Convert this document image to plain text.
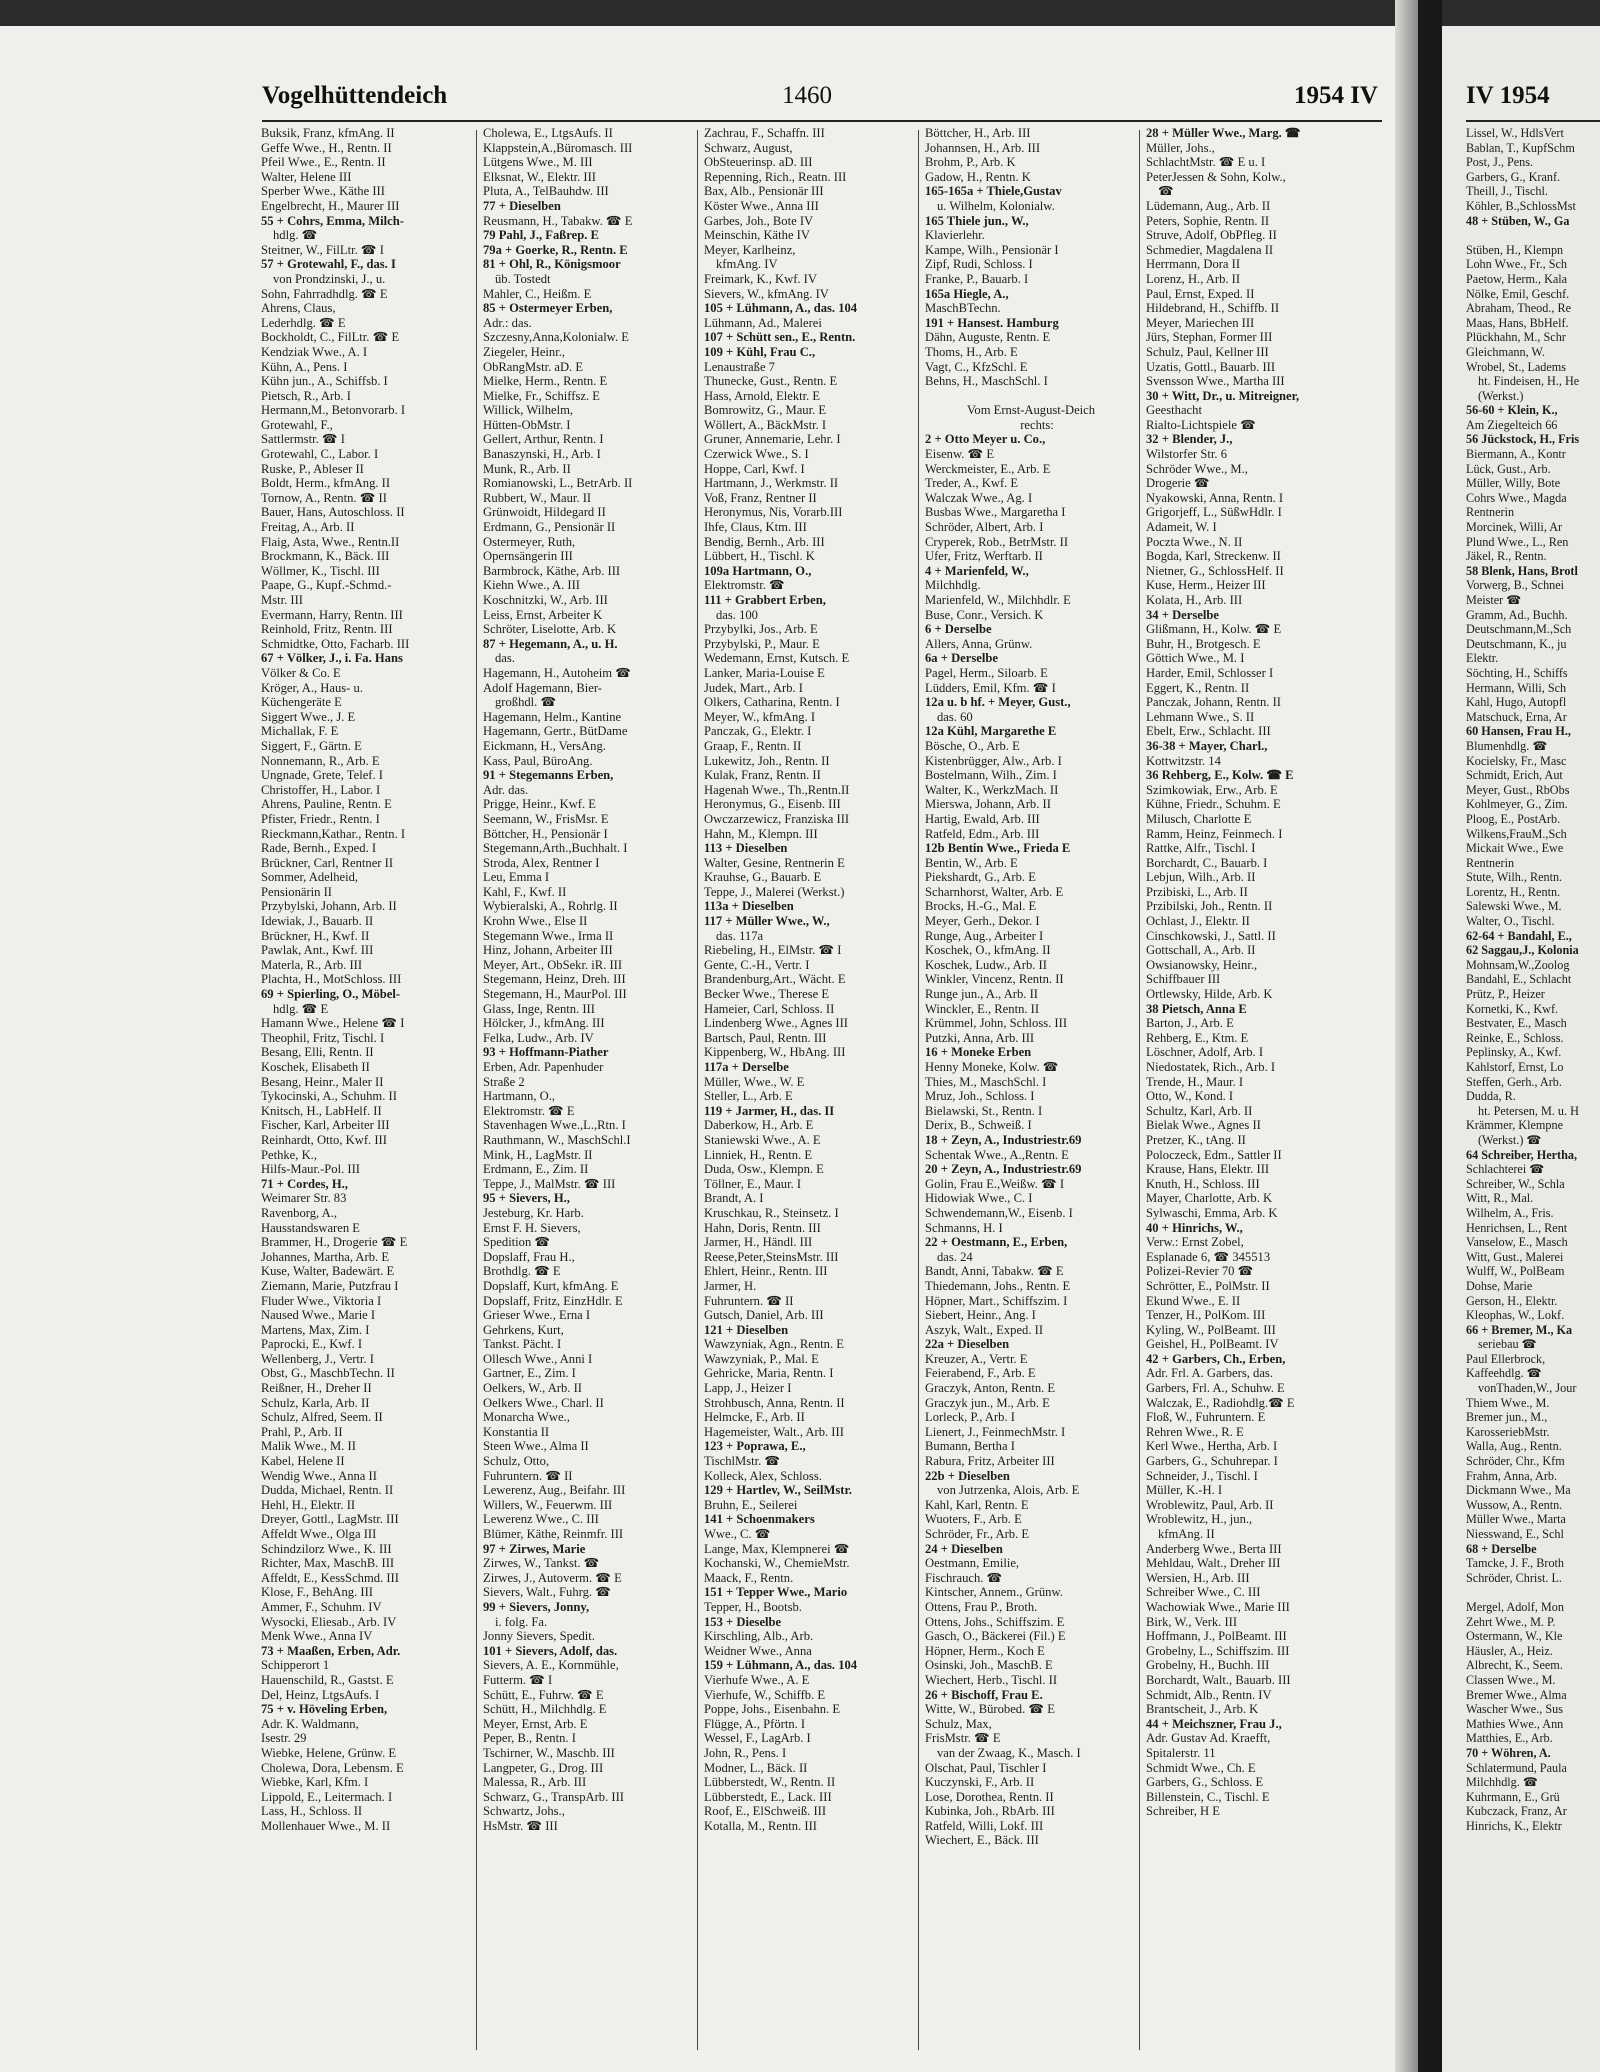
Vogelhüttendeich	1460	1954 IV
Buksik, Franz, kfmAng. II
Geffe Wwe., H., Rentn. II
Pfeil Wwe., E., Rentn. II
Walter, Helene III
Sperber Wwe., Käthe III
Engelbrecht, H., Maurer III
55 + Cohrs, Emma, Milch-
hdlg. ☎
Steitner, W., FilLtr. ☎ I
57 + Grotewahl, F., das. I
von Prondzinski, J., u.
Sohn, Fahrradhdlg. ☎ E
Ahrens, Claus,
Lederhdlg. ☎ E
Bockholdt, C., FilLtr. ☎ E
Kendziak Wwe., A. I
Kühn, A., Pens. I
Kühn jun., A., Schiffsb. I
Pietsch, R., Arb. I
Hermann,M., Betonvorarb. I
Grotewahl, F.,
Sattlermstr. ☎ I
Grotewahl, C., Labor. I
Ruske, P., Ableser II
Boldt, Herm., kfmAng. II
Tornow, A., Rentn. ☎ II
Bauer, Hans, Autoschloss. II
Freitag, A., Arb. II
Flaig, Asta, Wwe., Rentn.II
Brockmann, K., Bäck. III
Wöllmer, K., Tischl. III
Paape, G., Kupf.-Schmd.-
Mstr. III
Evermann, Harry, Rentn. III
Reinhold, Fritz, Rentn. III
Schmidtke, Otto, Facharb. III
67 + Völker, J., i. Fa. Hans
Völker & Co. E
Kröger, A., Haus- u.
Küchengeräte E
Siggert Wwe., J. E
Michallak, F. E
Siggert, F., Gärtn. E
Nonnemann, R., Arb. E
Ungnade, Grete, Telef. I
Christoffer, H., Labor. I
Ahrens, Pauline, Rentn. E
Pfister, Friedr., Rentn. I
Rieckmann,Kathar., Rentn. I
Rade, Bernh., Exped. I
Brückner, Carl, Rentner II
Sommer, Adelheid,
Pensionärin II
Przybylski, Johann, Arb. II
Idewiak, J., Bauarb. II
Brückner, H., Kwf. II
Pawlak, Ant., Kwf. III
Materla, R., Arb. III
Plachta, H., MotSchloss. III
69 + Spierling, O., Möbel-
hdlg. ☎ E
Hamann Wwe., Helene ☎ I
Theophil, Fritz, Tischl. I
Besang, Elli, Rentn. II
Koschek, Elisabeth II
Besang, Heinr., Maler II
Tykocinski, A., Schuhm. II
Knitsch, H., LabHelf. II
Fischer, Karl, Arbeiter III
Reinhardt, Otto, Kwf. III
Pethke, K.,
Hilfs-Maur.-Pol. III
71 + Cordes, H.,
Weimarer Str. 83
Ravenborg, A.,
Hausstandswaren E
Brammer, H., Drogerie ☎ E
Johannes, Martha, Arb. E
Kuse, Walter, Badewärt. E
Ziemann, Marie, Putzfrau I
Fluder Wwe., Viktoria I
Naused Wwe., Marie I
Martens, Max, Zim. I
Paprocki, E., Kwf. I
Wellenberg, J., Vertr. I
Obst, G., MaschbTechn. II
Reißner, H., Dreher II
Schulz, Karla, Arb. II
Schulz, Alfred, Seem. II
Prahl, P., Arb. II
Malik Wwe., M. II
Kabel, Helene II
Wendig Wwe., Anna II
Dudda, Michael, Rentn. II
Hehl, H., Elektr. II
Dreyer, Gottl., LagMstr. III
Affeldt Wwe., Olga III
Schindzilorz Wwe., K. III
Richter, Max, MaschB. III
Affeldt, E., KessSchmd. III
Klose, F., BehAng. III
Ammer, F., Schuhm. IV
Wysocki, Eliesab., Arb. IV
Menk Wwe., Anna IV
73 + Maaßen, Erben, Adr.
Schipperort 1
Hauenschild, R., Gastst. E
Del, Heinz, LtgsAufs. I
75 + v. Höveling Erben,
Adr. K. Waldmann,
Isestr. 29
Wiebke, Helene, Grünw. E
Cholewa, Dora, Lebensm. E
Wiebke, Karl, Kfm. I
Lippold, E., Leitermach. I
Lass, H., Schloss. II
Mollenhauer Wwe., M. II
Cholewa, E., LtgsAufs. II
Klappstein,A.,Büromasch. III
Lütgens Wwe., M. III
Elksnat, W., Elektr. III
Pluta, A., TelBauhdw. III
77 + Dieselben
Reusmann, H., Tabakw. ☎ E
79 Pahl, J., Faßrep. E
79a + Goerke, R., Rentn. E
81 + Ohl, R., Königsmoor
üb. Tostedt
Mahler, C., Heißm. E
85 + Ostermeyer Erben,
Adr.: das.
Szczesny,Anna,Kolonialw. E
Ziegeler, Heinr.,
ObRangMstr. aD. E
Mielke, Herm., Rentn. E
Mielke, Fr., Schiffsz. E
Willick, Wilhelm,
Hütten-ObMstr. I
Gellert, Arthur, Rentn. I
Banaszynski, H., Arb. I
Munk, R., Arb. II
Romianowski, L., BetrArb. II
Rubbert, W., Maur. II
Grünwoidt, Hildegard II
Erdmann, G., Pensionär II
Ostermeyer, Ruth,
Opernsängerin III
Barmbrock, Käthe, Arb. III
Kiehn Wwe., A. III
Koschnitzki, W., Arb. III
Leiss, Ernst, Arbeiter K
Schröter, Liselotte, Arb. K
87 + Hegemann, A., u. H.
das.
Hagemann, H., Autoheim ☎
Adolf Hagemann, Bier-
großhdl. ☎
Hagemann, Helm., Kantine
Hagemann, Gertr., BütDame
Eickmann, H., VersAng.
Kass, Paul, BüroAng.
91 + Stegemanns Erben,
Adr. das.
Prigge, Heinr., Kwf. E
Seemann, W., FrisMsr. E
Böttcher, H., Pensionär I
Stegemann,Arth.,Buchhalt. I
Stroda, Alex, Rentner I
Leu, Emma I
Kahl, F., Kwf. II
Wybieralski, A., Rohrlg. II
Krohn Wwe., Else II
Stegemann Wwe., Irma II
Hinz, Johann, Arbeiter III
Meyer, Art., ObSekr. iR. III
Stegemann, Heinz, Dreh. III
Stegemann, H., MaurPol. III
Glass, Inge, Rentn. III
Hölcker, J., kfmAng. III
Felka, Ludw., Arb. IV
93 + Hoffmann-Piather
Erben, Adr. Papenhuder
Straße 2
Hartmann, O.,
Elektromstr. ☎ E
Stavenhagen Wwe.,L.,Rtn. I
Rauthmann, W., MaschSchl.I
Mink, H., LagMstr. II
Erdmann, E., Zim. II
Teppe, J., MalMstr. ☎ III
95 + Sievers, H.,
Jesteburg, Kr. Harb.
Ernst F. H. Sievers,
Spedition ☎
Dopslaff, Frau H.,
Brothdlg. ☎ E
Dopslaff, Kurt, kfmAng. E
Dopslaff, Fritz, EinzHdlr. E
Grieser Wwe., Erna I
Gehrkens, Kurt,
Tankst. Pächt. I
Ollesch Wwe., Anni I
Gartner, E., Zim. I
Oelkers, W., Arb. II
Oelkers Wwe., Charl. II
Monarcha Wwe.,
Konstantia II
Steen Wwe., Alma II
Schulz, Otto,
Fuhruntern. ☎ II
Lewerenz, Aug., Beifahr. III
Willers, W., Feuerwm. III
Lewerenz Wwe., C. III
Blümer, Käthe, Reinmfr. III
97 + Zirwes, Marie
Zirwes, W., Tankst. ☎
Zirwes, J., Autoverm. ☎ E
Sievers, Walt., Fuhrg. ☎
99 + Sievers, Jonny,
i. folg. Fa.
Jonny Sievers, Spedit.
101 + Sievers, Adolf, das.
Sievers, A. E., Kornmühle,
Futterm. ☎ I
Schütt, E., Fuhrw. ☎ E
Schütt, H., Milchhdlg. E
Meyer, Ernst, Arb. E
Peper, B., Rentn. I
Tschirner, W., Maschb. III
Langpeter, G., Drog. III
Malessa, R., Arb. III
Schwarz, G., TranspArb. III
Schwartz, Johs.,
HsMstr. ☎ III
Zachrau, F., Schaffn. III
Schwarz, August,
ObSteuerinsp. aD. III
Repenning, Rich., Reatn. III
Bax, Alb., Pensionär III
Köster Wwe., Anna III
Garbes, Joh., Bote IV
Meinschin, Käthe IV
Meyer, Karlheinz,
kfmAng. IV
Freimark, K., Kwf. IV
Sievers, W., kfmAng. IV
105 + Lühmann, A., das. 104
Lühmann, Ad., Malerei
107 + Schütt sen., E., Rentn.
109 + Kühl, Frau C.,
Lenaustraße 7
Thunecke, Gust., Rentn. E
Hass, Arnold, Elektr. E
Bomrowitz, G., Maur. E
Wöllert, A., BäckMstr. I
Gruner, Annemarie, Lehr. I
Czerwick Wwe., S. I
Hoppe, Carl, Kwf. I
Hartmann, J., Werkmstr. II
Voß, Franz, Rentner II
Heronymus, Nis, Vorarb.III
Ihfe, Claus, Ktm. III
Bendig, Bernh., Arb. III
Lübbert, H., Tischl. K
109a Hartmann, O.,
Elektromstr. ☎
111 + Grabbert Erben,
das. 100
Przybylki, Jos., Arb. E
Przybylski, P., Maur. E
Wedemann, Ernst, Kutsch. E
Lanker, Maria-Louise E
Judek, Mart., Arb. I
Olkers, Catharina, Rentn. I
Meyer, W., kfmAng. I
Panczak, G., Elektr. I
Graap, F., Rentn. II
Lukewitz, Joh., Rentn. II
Kulak, Franz, Rentn. II
Hagenah Wwe., Th.,Rentn.II
Heronymus, G., Eisenb. III
Owczarzewicz, Franziska III
Hahn, M., Klempn. III
113 + Dieselben
Walter, Gesine, Rentnerin E
Krauhse, G., Bauarb. E
Teppe, J., Malerei (Werkst.)
113a + Dieselben
117 + Müller Wwe., W.,
das. 117a
Riebeling, H., ElMstr. ☎ I
Gente, C.-H., Vertr. I
Brandenburg,Art., Wächt. E
Becker Wwe., Therese E
Hameier, Carl, Schloss. II
Lindenberg Wwe., Agnes III
Bartsch, Paul, Rentn. III
Kippenberg, W., HbAng. III
117a + Derselbe
Müller, Wwe., W. E
Steller, L., Arb. E
119 + Jarmer, H., das. II
Daberkow, H., Arb. E
Staniewski Wwe., A. E
Linniek, H., Rentn. E
Duda, Osw., Klempn. E
Töllner, E., Maur. I
Brandt, A. I
Kruschkau, R., Steinsetz. I
Hahn, Doris, Rentn. III
Jarmer, H., Händl. III
Reese,Peter,SteinsMstr. III
Ehlert, Heinr., Rentn. III
Jarmer, H.
Fuhruntern. ☎ II
Gutsch, Daniel, Arb. III
121 + Dieselben
Wawzyniak, Agn., Rentn. E
Wawzyniak, P., Mal. E
Gehricke, Maria, Rentn. I
Lapp, J., Heizer I
Strohbusch, Anna, Rentn. II
Helmcke, F., Arb. II
Hagemeister, Walt., Arb. III
123 + Poprawa, E.,
TischlMstr. ☎
Kolleck, Alex, Schloss.
129 + Hartlev, W., SeilMstr.
Bruhn, E., Seilerei
141 + Schoenmakers
Wwe., C. ☎
Lange, Max, Klempnerei ☎
Kochanski, W., ChemieMstr.
Maack, F., Rentn.
151 + Tepper Wwe., Mario
Tepper, H., Bootsb.
153 + Dieselbe
Kirschling, Alb., Arb.
Weidner Wwe., Anna
159 + Lühmann, A., das. 104
Vierhufe Wwe., A. E
Vierhufe, W., Schiffb. E
Poppe, Johs., Eisenbahn. E
Flügge, A., Pförtn. I
Wessel, F., LagArb. I
John, R., Pens. I
Modner, L., Bäck. II
Lübberstedt, W., Rentn. II
Lübberstedt, E., Lack. III
Roof, E., ElSchweiß. III
Kotalla, M., Rentn. III
Böttcher, H., Arb. III
Johannsen, H., Arb. III
Brohm, P., Arb. K
Gadow, H., Rentn. K
165-165a + Thiele,Gustav
u. Wilhelm, Kolonialw.
165 Thiele jun., W.,
Klavierlehr.
Kampe, Wilh., Pensionär I
Zipf, Rudi, Schloss. I
Franke, P., Bauarb. I
165a Hiegle, A.,
MaschBTechn.
191 + Hansest. Hamburg
Dähn, Auguste, Rentn. E
Thoms, H., Arb. E
Vagt, C., KfzSchl. E
Behns, H., MaschSchl. I
Vom Ernst-August-Deich
rechts:
2 + Otto Meyer u. Co.,
Eisenw. ☎ E
Werckmeister, E., Arb. E
Treder, A., Kwf. E
Walczak Wwe., Ag. I
Busbas Wwe., Margaretha I
Schröder, Albert, Arb. I
Cryperek, Rob., BetrMstr. II
Ufer, Fritz, Werftarb. II
4 + Marienfeld, W.,
Milchhdlg.
Marienfeld, W., Milchhdlr. E
Buse, Conr., Versich. K
6 + Derselbe
Allers, Anna, Grünw.
6a + Derselbe
Pagel, Herm., Siloarb. E
Lüdders, Emil, Kfm. ☎ I
12a u. b hf. + Meyer, Gust.,
das. 60
12a Kühl, Margarethe E
Bösche, O., Arb. E
Kistenbrügger, Alw., Arb. I
Bostelmann, Wilh., Zim. I
Walter, K., WerkzMach. II
Mierswa, Johann, Arb. II
Hartig, Ewald, Arb. III
Ratfeld, Edm., Arb. III
12b Bentin Wwe., Frieda E
Bentin, W., Arb. E
Piekshardt, G., Arb. E
Scharnhorst, Walter, Arb. E
Brocks, H.-G., Mal. E
Meyer, Gerh., Dekor. I
Runge, Aug., Arbeiter I
Koschek, O., kfmAng. II
Koschek, Ludw., Arb. II
Winkler, Vincenz, Rentn. II
Runge jun., A., Arb. II
Winckler, E., Rentn. II
Krümmel, John, Schloss. III
Putzki, Anna, Arb. III
16 + Moneke Erben
Henny Moneke, Kolw. ☎
Thies, M., MaschSchl. I
Mruz, Joh., Schloss. I
Bielawski, St., Rentn. I
Derix, B., Schweiß. I
18 + Zeyn, A., Industriestr.69
Schentak Wwe., A.,Rentn. E
20 + Zeyn, A., Industriestr.69
Golin, Frau E.,Weißw. ☎ I
Hidowiak Wwe., C. I
Schwendemann,W., Eisenb. I
Schmanns, H. I
22 + Oestmann, E., Erben,
das. 24
Bandt, Anni, Tabakw. ☎ E
Thiedemann, Johs., Rentn. E
Höpner, Mart., Schiffszim. I
Siebert, Heinr., Ang. I
Aszyk, Walt., Exped. II
22a + Dieselben
Kreuzer, A., Vertr. E
Feierabend, F., Arb. E
Graczyk, Anton, Rentn. E
Graczyk jun., M., Arb. E
Lorleck, P., Arb. I
Lienert, J., FeinmechMstr. I
Bumann, Bertha I
Rabura, Fritz, Arbeiter III
22b + Dieselben
von Jutrzenka, Alois, Arb. E
Kahl, Karl, Rentn. E
Wuoters, F., Arb. E
Schröder, Fr., Arb. E
24 + Dieselben
Oestmann, Emilie,
Fischrauch. ☎
Kintscher, Annem., Grünw.
Ottens, Frau P., Broth.
Ottens, Johs., Schiffszim. E
Gasch, O., Bäckerei (Fil.) E
Höpner, Herm., Koch E
Osinski, Joh., MaschB. E
Wiechert, Herb., Tischl. II
26 + Bischoff, Frau E.
Witte, W., Bürobed. ☎ E
Schulz, Max,
FrisMstr. ☎ E
van der Zwaag, K., Masch. I
Olschat, Paul, Tischler I
Kuczynski, F., Arb. II
Lose, Dorothea, Rentn. II
Kubinka, Joh., RbArb. III
Ratfeld, Willi, Lokf. III
Wiechert, E., Bäck. III
28 + Müller Wwe., Marg. ☎
Müller, Johs.,
SchlachtMstr. ☎ E u. I
PeterJessen & Sohn, Kolw.,
☎
Lüdemann, Aug., Arb. II
Peters, Sophie, Rentn. II
Struve, Adolf, ObPfleg. II
Schmedier, Magdalena II
Herrmann, Dora II
Lorenz, H., Arb. II
Paul, Ernst, Exped. II
Hildebrand, H., Schiffb. II
Meyer, Mariechen III
Jürs, Stephan, Former III
Schulz, Paul, Kellner III
Uzatis, Gottl., Bauarb. III
Svensson Wwe., Martha III
30 + Witt, Dr., u. Mitreigner,
Geesthacht
Rialto-Lichtspiele ☎
32 + Blender, J.,
Wilstorfer Str. 6
Schröder Wwe., M.,
Drogerie ☎
Nyakowski, Anna, Rentn. I
Grigorjeff, L., SüßwHdlr. I
Adameit, W. I
Poczta Wwe., N. II
Bogda, Karl, Streckenw. II
Nietner, G., SchlossHelf. II
Kuse, Herm., Heizer III
Kolata, H., Arb. III
34 + Derselbe
Glißmann, H., Kolw. ☎ E
Buhr, H., Brotgesch. E
Göttich Wwe., M. I
Harder, Emil, Schlosser I
Eggert, K., Rentn. II
Panczak, Johann, Rentn. II
Lehmann Wwe., S. II
Ebelt, Erw., Schlacht. III
36-38 + Mayer, Charl.,
Kottwitzstr. 14
36 Rehberg, E., Kolw. ☎ E
Szimkowiak, Erw., Arb. E
Kühne, Friedr., Schuhm. E
Milusch, Charlotte E
Ramm, Heinz, Feinmech. I
Rattke, Alfr., Tischl. I
Borchardt, C., Bauarb. I
Lebjun, Wilh., Arb. II
Przibiski, L., Arb. II
Przibilski, Joh., Rentn. II
Ochlast, J., Elektr. II
Cinschkowski, J., Sattl. II
Gottschall, A., Arb. II
Owsianowsky, Heinr.,
Schiffbauer III
Ortlewsky, Hilde, Arb. K
38 Pietsch, Anna E
Barton, J., Arb. E
Rehberg, E., Ktm. E
Löschner, Adolf, Arb. I
Niedostatek, Rich., Arb. I
Trende, H., Maur. I
Otto, W., Kond. I
Schultz, Karl, Arb. II
Bielak Wwe., Agnes II
Pretzer, K., tAng. II
Poloczeck, Edm., Sattler II
Krause, Hans, Elektr. III
Knuth, H., Schloss. III
Mayer, Charlotte, Arb. K
Sylwaschi, Emma, Arb. K
40 + Hinrichs, W.,
Verw.: Ernst Zobel,
Esplanade 6, ☎ 345513
Polizei-Revier 70 ☎
Schrötter, E., PolMstr. II
Ekund Wwe., E. II
Tenzer, H., PolKom. III
Kyling, W., PolBeamt. III
Geishel, H., PolBeamt. IV
42 + Garbers, Ch., Erben,
Adr. Frl. A. Garbers, das.
Garbers, Frl. A., Schuhw. E
Walczak, E., Radiohdlg.☎ E
Floß, W., Fuhruntern. E
Rehren Wwe., R. E
Kerl Wwe., Hertha, Arb. I
Garbers, G., Schuhrepar. I
Schneider, J., Tischl. I
Müller, K.-H. I
Wroblewitz, Paul, Arb. II
Wroblewitz, H., jun.,
kfmAng. II
Anderberg Wwe., Berta III
Mehldau, Walt., Dreher III
Wersien, H., Arb. III
Schreiber Wwe., C. III
Wachowiak Wwe., Marie III
Birk, W., Verk. III
Hoffmann, J., PolBeamt. III
Grobelny, L., Schiffszim. III
Grobelny, H., Buchh. III
Borchardt, Walt., Bauarb. III
Schmidt, Alb., Rentn. IV
Brantscheit, J., Arb. K
44 + Meichszner, Frau J.,
Adr. Gustav Ad. Kraefft,
Spitalerstr. 11
Schmidt Wwe., Ch. E
Garbers, G., Schloss. E
Billenstein, C., Tischl. E
Schreiber, H E
IV 1954
Lissel, W., HdlsVert
Bablan, T., KupfSchm
Post, J., Pens.
Garbers, G., Kranf.
Theill, J., Tischl.
Köhler, B.,SchlossMst
48 + Stüben, W., Ga
Stüben, H., Klempn
Lohn Wwe., Fr., Sch
Paetow, Herm., Kala
Nölke, Emil, Geschf.
Abraham, Theod., Re
Maas, Hans, BbHelf.
Plückhahn, M., Schr
Gleichmann, W.
Wrobel, St., Ladems
ht. Findeisen, H., He
(Werkst.)
56-60 + Klein, K.,
Am Ziegelteich 66
56 Jückstock, H., Fris
Biermann, A., Kontr
Lück, Gust., Arb.
Müller, Willy, Bote
Cohrs Wwe., Magda
Rentnerin
Morcinek, Willi, Ar
Plund Wwe., L., Ren
Jäkel, R., Rentn.
58 Blenk, Hans, Brotl
Vorwerg, B., Schnei
Meister ☎
Gramm, Ad., Buchh.
Deutschmann,M.,Sch
Deutschmann, K., ju
Elektr.
Söchting, H., Schiffs
Hermann, Willi, Sch
Kahl, Hugo, Autopfl
Matschuck, Erna, Ar
60 Hansen, Frau H.,
Blumenhdlg. ☎
Kocielsky, Fr., Masc
Schmidt, Erich, Aut
Meyer, Gust., RbObs
Kohlmeyer, G., Zim.
Ploog, E., PostArb.
Wilkens,FrauM.,Sch
Mickait Wwe., Ewe
Rentnerin
Stute, Wilh., Rentn.
Lorentz, H., Rentn.
Salewski Wwe., M.
Walter, O., Tischl.
62-64 + Bandahl, E.,
62 Saggau,J., Kolonia
Mohnsam,W.,Zoolog
Bandahl, E., Schlacht
Prütz, P., Heizer
Kornetki, K., Kwf.
Bestvater, E., Masch
Reinke, E., Schloss.
Peplinsky, A., Kwf.
Kahlstorf, Ernst, Lo
Steffen, Gerh., Arb.
Dudda, R.
ht. Petersen, M. u. H
Krämmer, Klempne
(Werkst.) ☎
64 Schreiber, Hertha,
Schlachterei ☎
Schreiber, W., Schla
Witt, R., Mal.
Wilhelm, A., Fris.
Henrichsen, L., Rent
Vanselow, E., Masch
Witt, Gust., Malerei
Wulff, W., PolBeam
Dohse, Marie
Gerson, H., Elektr.
Kleophas, W., Lokf.
66 + Bremer, M., Ka
seriebau ☎
Paul Ellerbrock,
Kaffeehdlg. ☎
vonThaden,W., Jour
Thiem Wwe., M.
Bremer jun., M.,
KarosseriebMstr.
Walla, Aug., Rentn.
Schröder, Chr., Kfm
Frahm, Anna, Arb.
Dickmann Wwe., Ma
Wussow, A., Rentn.
Müller Wwe., Marta
Niesswand, E., Schl
68 + Derselbe
Tamcke, J. F., Broth
Schröder, Christ. L.
Mergel, Adolf, Mon
Zehrt Wwe., M. P.
Ostermann, W., Kle
Häusler, A., Heiz.
Albrecht, K., Seem.
Classen Wwe., M.
Bremer Wwe., Alma
Wascher Wwe., Sus
Mathies Wwe., Ann
Matthies, E., Arb.
70 + Wöhren, A.
Schlatermund, Paula
Milchhdlg. ☎
Kuhrmann, E., Grü
Kubczack, Franz, Ar
Hinrichs, K., Elektr
